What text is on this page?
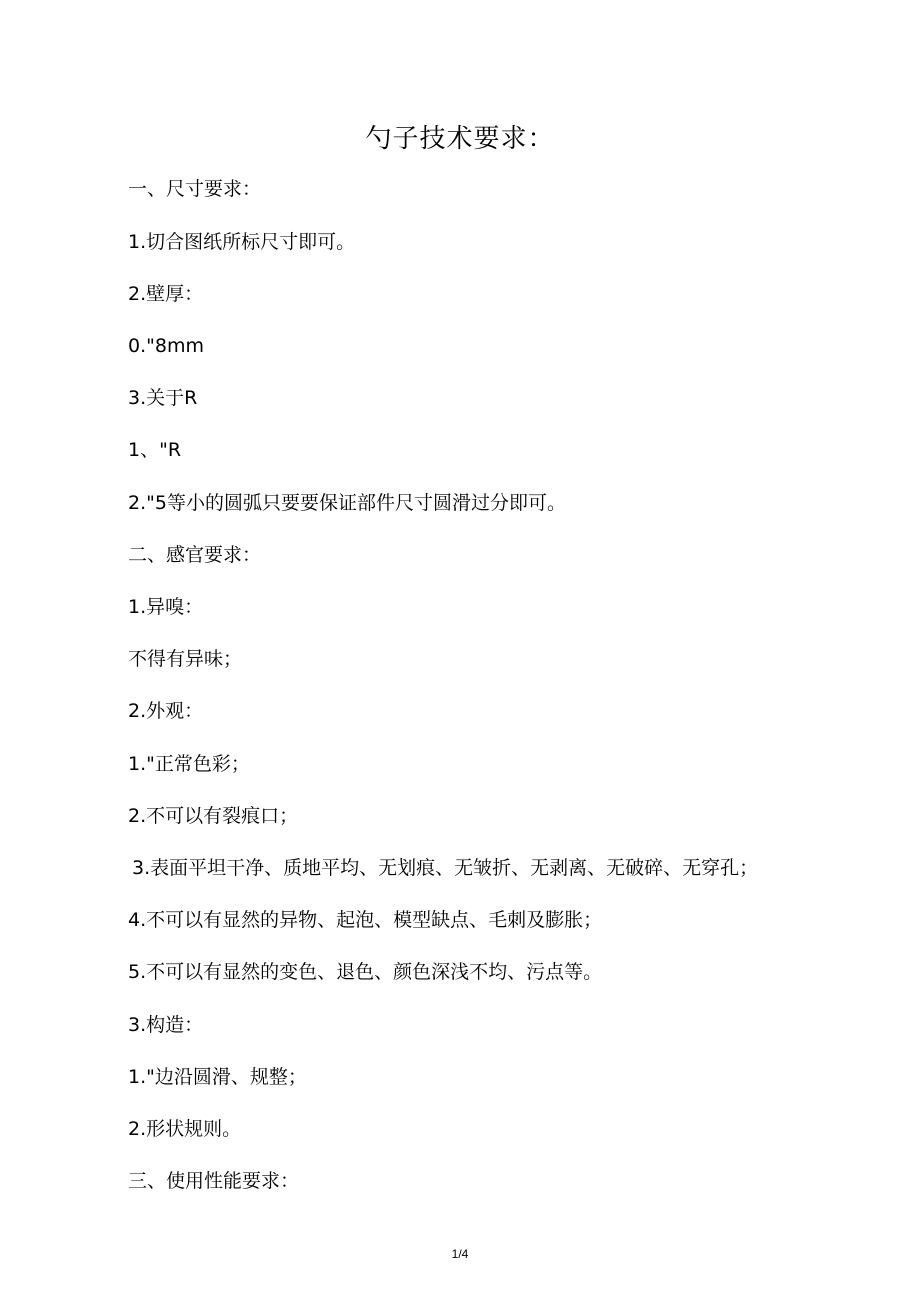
勺子技术要求：
一、尺寸要求：
1.切合图纸所标尺寸即可。
2.壁厚：
0."8mm
3.关于R
1、"R
2."5等小的圆弧只要要保证部件尺寸圆滑过分即可。
二、感官要求：
1.异嗅：
不得有异味；
2.外观：
1."正常色彩；
2.不可以有裂痕口；
3.表面平坦干净、质地平均、无划痕、无皱折、无剥离、无破碎、无穿孔；
4.不可以有显然的异物、起泡、模型缺点、毛刺及膨胀；
5.不可以有显然的变色、退色、颜色深浅不均、污点等。
3.构造：
1."边沿圆滑、规整；
2.形状规则。
三、使用性能要求：
1/4
